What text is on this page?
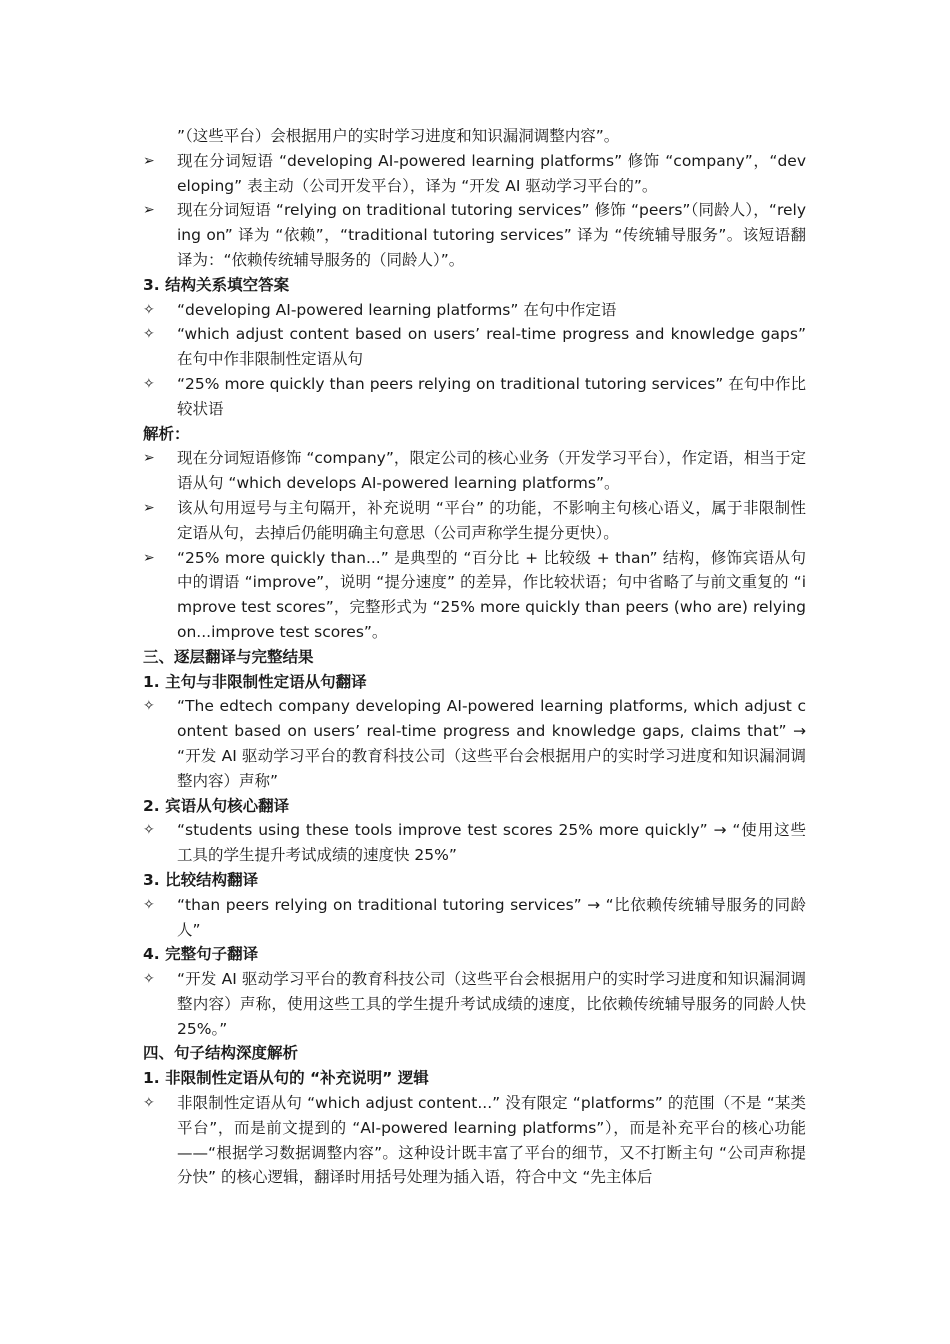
”（这些平台）会根据用户的实时学习进度和知识漏洞调整内容”。
➢	现在分词短语 “developing AI-powered learning platforms” 修饰 “company”，“developing” 表主动（公司开发平台），译为 “开发 AI 驱动学习平台的”。
➢	现在分词短语 “relying on traditional tutoring services” 修饰 “peers”（同龄人），“relying on” 译为 “依赖”，“traditional tutoring services” 译为 “传统辅导服务”。该短语翻译为：“依赖传统辅导服务的（同龄人）”。
3. 结构关系填空答案
✧	“developing AI-powered learning platforms” 在句中作定语
✧	“which adjust content based on users’ real-time progress and knowledge gaps” 在句中作非限制性定语从句
✧	“25% more quickly than peers relying on traditional tutoring services” 在句中作比较状语
解析：
➢	现在分词短语修饰 “company”，限定公司的核心业务（开发学习平台），作定语，相当于定语从句 “which develops AI-powered learning platforms”。
➢	该从句用逗号与主句隔开，补充说明 “平台” 的功能，不影响主句核心语义，属于非限制性定语从句，去掉后仍能明确主句意思（公司声称学生提分更快）。
➢	“25% more quickly than...” 是典型的 “百分比 + 比较级 + than” 结构，修饰宾语从句中的谓语 “improve”，说明 “提分速度” 的差异，作比较状语；句中省略了与前文重复的 “improve test scores”，完整形式为 “25% more quickly than peers (who are) relying on...improve test scores”。
三、逐层翻译与完整结果
1. 主句与非限制性定语从句翻译
✧	“The edtech company developing AI-powered learning platforms, which adjust content based on users’ real-time progress and knowledge gaps, claims that” → “开发 AI 驱动学习平台的教育科技公司（这些平台会根据用户的实时学习进度和知识漏洞调整内容）声称”
2. 宾语从句核心翻译
✧	“students using these tools improve test scores 25% more quickly” → “使用这些工具的学生提升考试成绩的速度快 25%”
3. 比较结构翻译
✧	“than peers relying on traditional tutoring services” → “比依赖传统辅导服务的同龄人”
4. 完整句子翻译
✧	“开发 AI 驱动学习平台的教育科技公司（这些平台会根据用户的实时学习进度和知识漏洞调整内容）声称，使用这些工具的学生提升考试成绩的速度，比依赖传统辅导服务的同龄人快 25%。”
四、句子结构深度解析
1. 非限制性定语从句的 “补充说明” 逻辑
✧	非限制性定语从句 “which adjust content...” 没有限定 “platforms” 的范围（不是 “某类平台”，而是前文提到的 “AI-powered learning platforms”），而是补充平台的核心功能 ——“根据学习数据调整内容”。这种设计既丰富了平台的细节，又不打断主句 “公司声称提分快” 的核心逻辑，翻译时用括号处理为插入语，符合中文 “先主体后
